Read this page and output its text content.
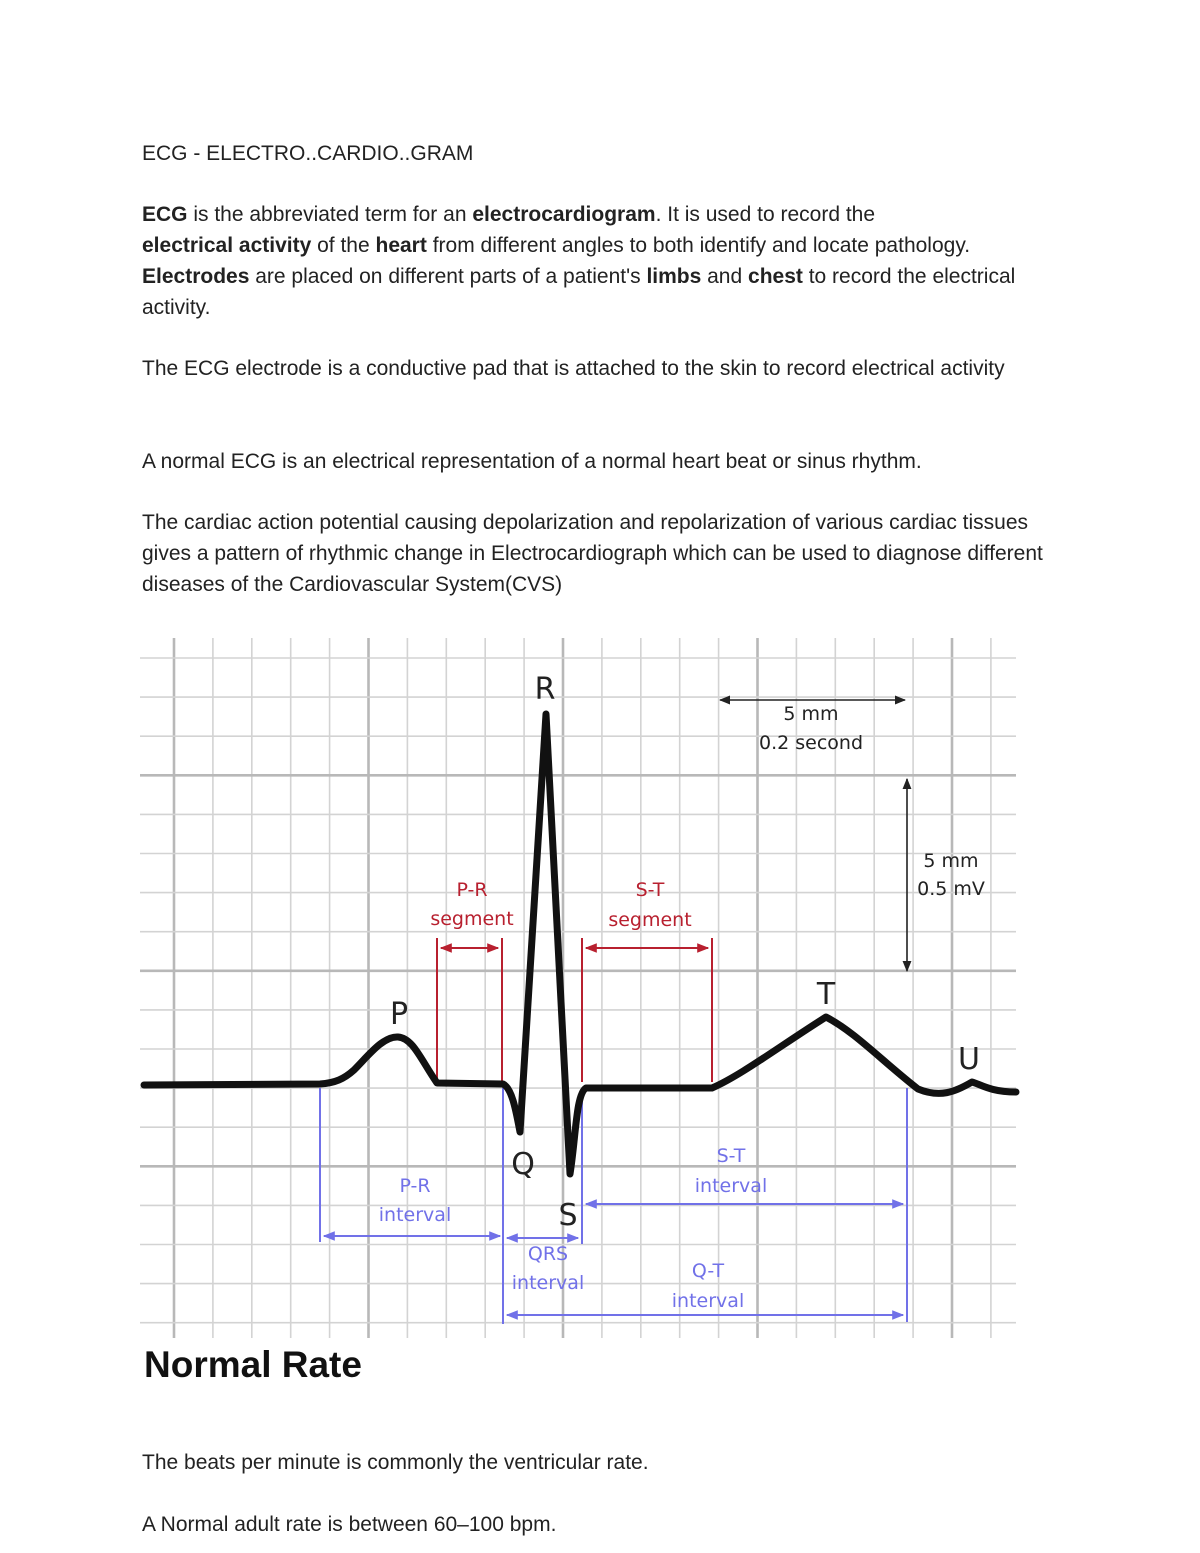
ECG - ELECTRO..CARDIO..GRAM

ECG is the abbreviated term for an electrocardiogram. It is used to record the
electrical activity of the heart from different angles to both identify and locate pathology. Electrodes are placed on different parts of a patient's limbs and chest to record the electrical activity.

The ECG electrode is a conductive pad that is attached to the skin to record electrical activity
A normal ECG is an electrical representation of a normal heart beat or sinus rhythm.
The cardiac action potential causing depolarization and repolarization of various cardiac tissues gives a pattern of rhythmic change in Electrocardiograph which can be used to diagnose different diseases of the Cardiovascular System(CVS)
R
P
Q
S
T
U
5 mm
0.2 second
5 mm
0.5 mV
P-R
segment
S-T
segment
P-R
interval
QRS
interval
S-T
interval
Q-T
interval
Normal Rate
The beats per minute is commonly the ventricular rate.
A Normal adult rate is between 60–100 bpm.
